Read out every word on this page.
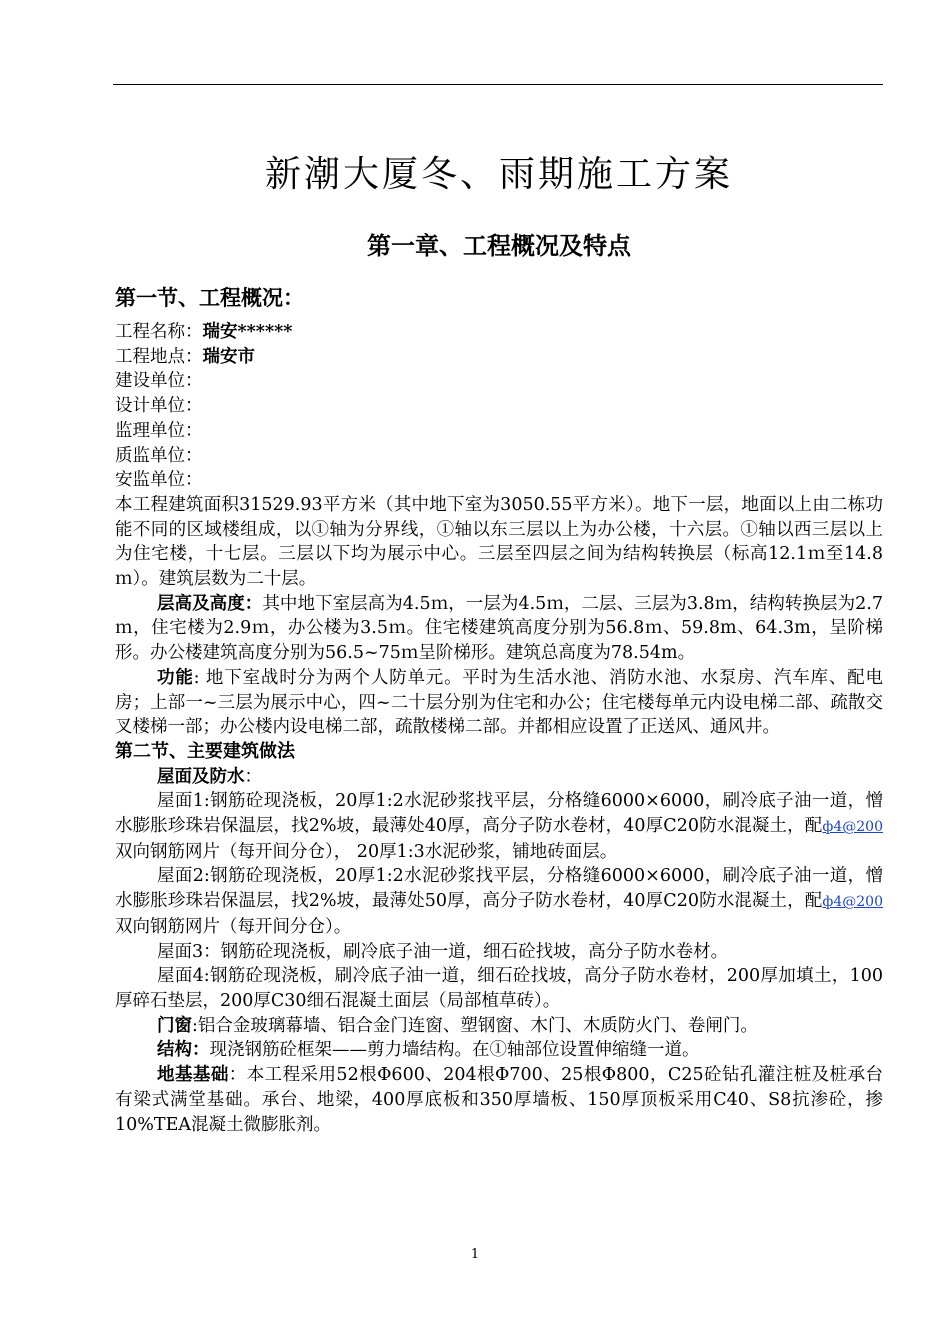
新潮大厦冬、雨期施工方案
第一章、工程概况及特点
第一节、工程概况：
工程名称：瑞安******
工程地点：瑞安市
建设单位：
设计单位：
监理单位：
质监单位：
安监单位：
本工程建筑面积31529.93平方米（其中地下室为3050.55平方米）。地下一层，地面以上由二栋功能不同的区域楼组成，以①轴为分界线，①轴以东三层以上为办公楼，十六层。①轴以西三层以上为住宅楼，十七层。三层以下均为展示中心。三层至四层之间为结构转换层（标高12.1ｍ至14.8ｍ）。建筑层数为二十层。
层高及高度：其中地下室层高为4.5ｍ，一层为4.5ｍ，二层、三层为3.8ｍ，结构转换层为2.7ｍ，住宅楼为2.9ｍ，办公楼为3.5ｍ。住宅楼建筑高度分别为56.8ｍ、59.8m、64.3m，呈阶梯形。办公楼建筑高度分别为56.5~75ｍ呈阶梯形。建筑总高度为78.54m。
功能: 地下室战时分为两个人防单元。平时为生活水池、消防水池、水泵房、汽车库、配电房；上部一~三层为展示中心，四~二十层分别为住宅和办公；住宅楼每单元内设电梯二部、疏散交叉楼梯一部；办公楼内设电梯二部，疏散楼梯二部。并都相应设置了正送风、通风井。
第二节、主要建筑做法
屋面及防水：
屋面1:钢筋砼现浇板，20厚1:2水泥砂浆找平层，分格缝6000×6000，刷冷底子油一道，憎水膨胀珍珠岩保温层，找2%坡，最薄处40厚，高分子防水卷材，40厚C20防水混凝土，配ф4@200双向钢筋网片（每开间分仓）， 20厚1:3水泥砂浆，铺地砖面层。
屋面2:钢筋砼现浇板，20厚1:2水泥砂浆找平层，分格缝6000×6000，刷冷底子油一道，憎水膨胀珍珠岩保温层，找2%坡，最薄处50厚，高分子防水卷材，40厚C20防水混凝土，配ф4@200双向钢筋网片（每开间分仓）。
屋面3：钢筋砼现浇板，刷冷底子油一道，细石砼找坡，高分子防水卷材。
屋面4:钢筋砼现浇板，刷冷底子油一道，细石砼找坡，高分子防水卷材，200厚加填土，100厚碎石垫层，200厚C30细石混凝土面层（局部植草砖）。
门窗:铝合金玻璃幕墙、铝合金门连窗、塑钢窗、木门、木质防火门、卷闸门。
结构：现浇钢筋砼框架——剪力墙结构。在①轴部位设置伸缩缝一道。
地基基础：本工程采用52根Φ600、204根Φ700、25根Φ800，C25砼钻孔灌注桩及桩承台有梁式满堂基础。承台、地梁，400厚底板和350厚墙板、150厚顶板采用C40、S8抗渗砼，掺10%TEA混凝土微膨胀剂。
1
